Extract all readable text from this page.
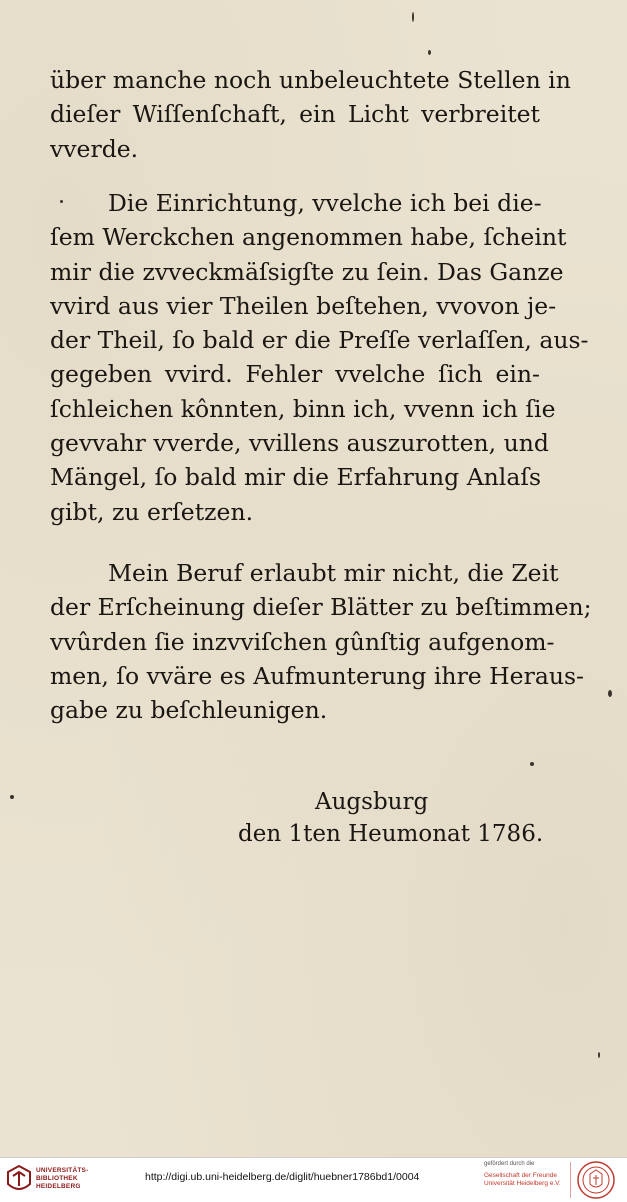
über manche noch unbeleuchtete Stellen in
dieſer Wiſſenſchaft, ein Licht verbreitet
vverde.
Die Einrichtung, vvelche ich bei die-
ſem Werckchen angenommen habe, ſcheint
mir die zvveckmäſsigſte zu ſein. Das Ganze
vvird aus vier Theilen beſtehen, vvovon je-
der Theil, ſo bald er die Preſſe verlaſſen, aus-
gegeben vvird. Fehler vvelche ſich ein-
ſchleichen kônnten, binn ich, vvenn ich ſie
gevvahr vverde, vvillens auszurotten, und
Mängel, ſo bald mir die Erfahrung Anlaſs
gibt, zu erſetzen.
Mein Beruf erlaubt mir nicht, die Zeit
der Erſcheinung dieſer Blätter zu beſtimmen;
vvûrden ſie inzvviſchen gûnſtig aufgenom-
men, ſo vväre es Aufmunterung ihre Heraus-
gabe zu beſchleunigen.
Augsburg
den 1ten Heumonat 1786.
UNIVERSITÄTS-
BIBLIOTHEK
HEIDELBERG
http://digi.ub.uni-heidelberg.de/diglit/huebner1786bd1/0004
gefördert durch die
Gesellschaft der Freunde
Universität Heidelberg e.V.
